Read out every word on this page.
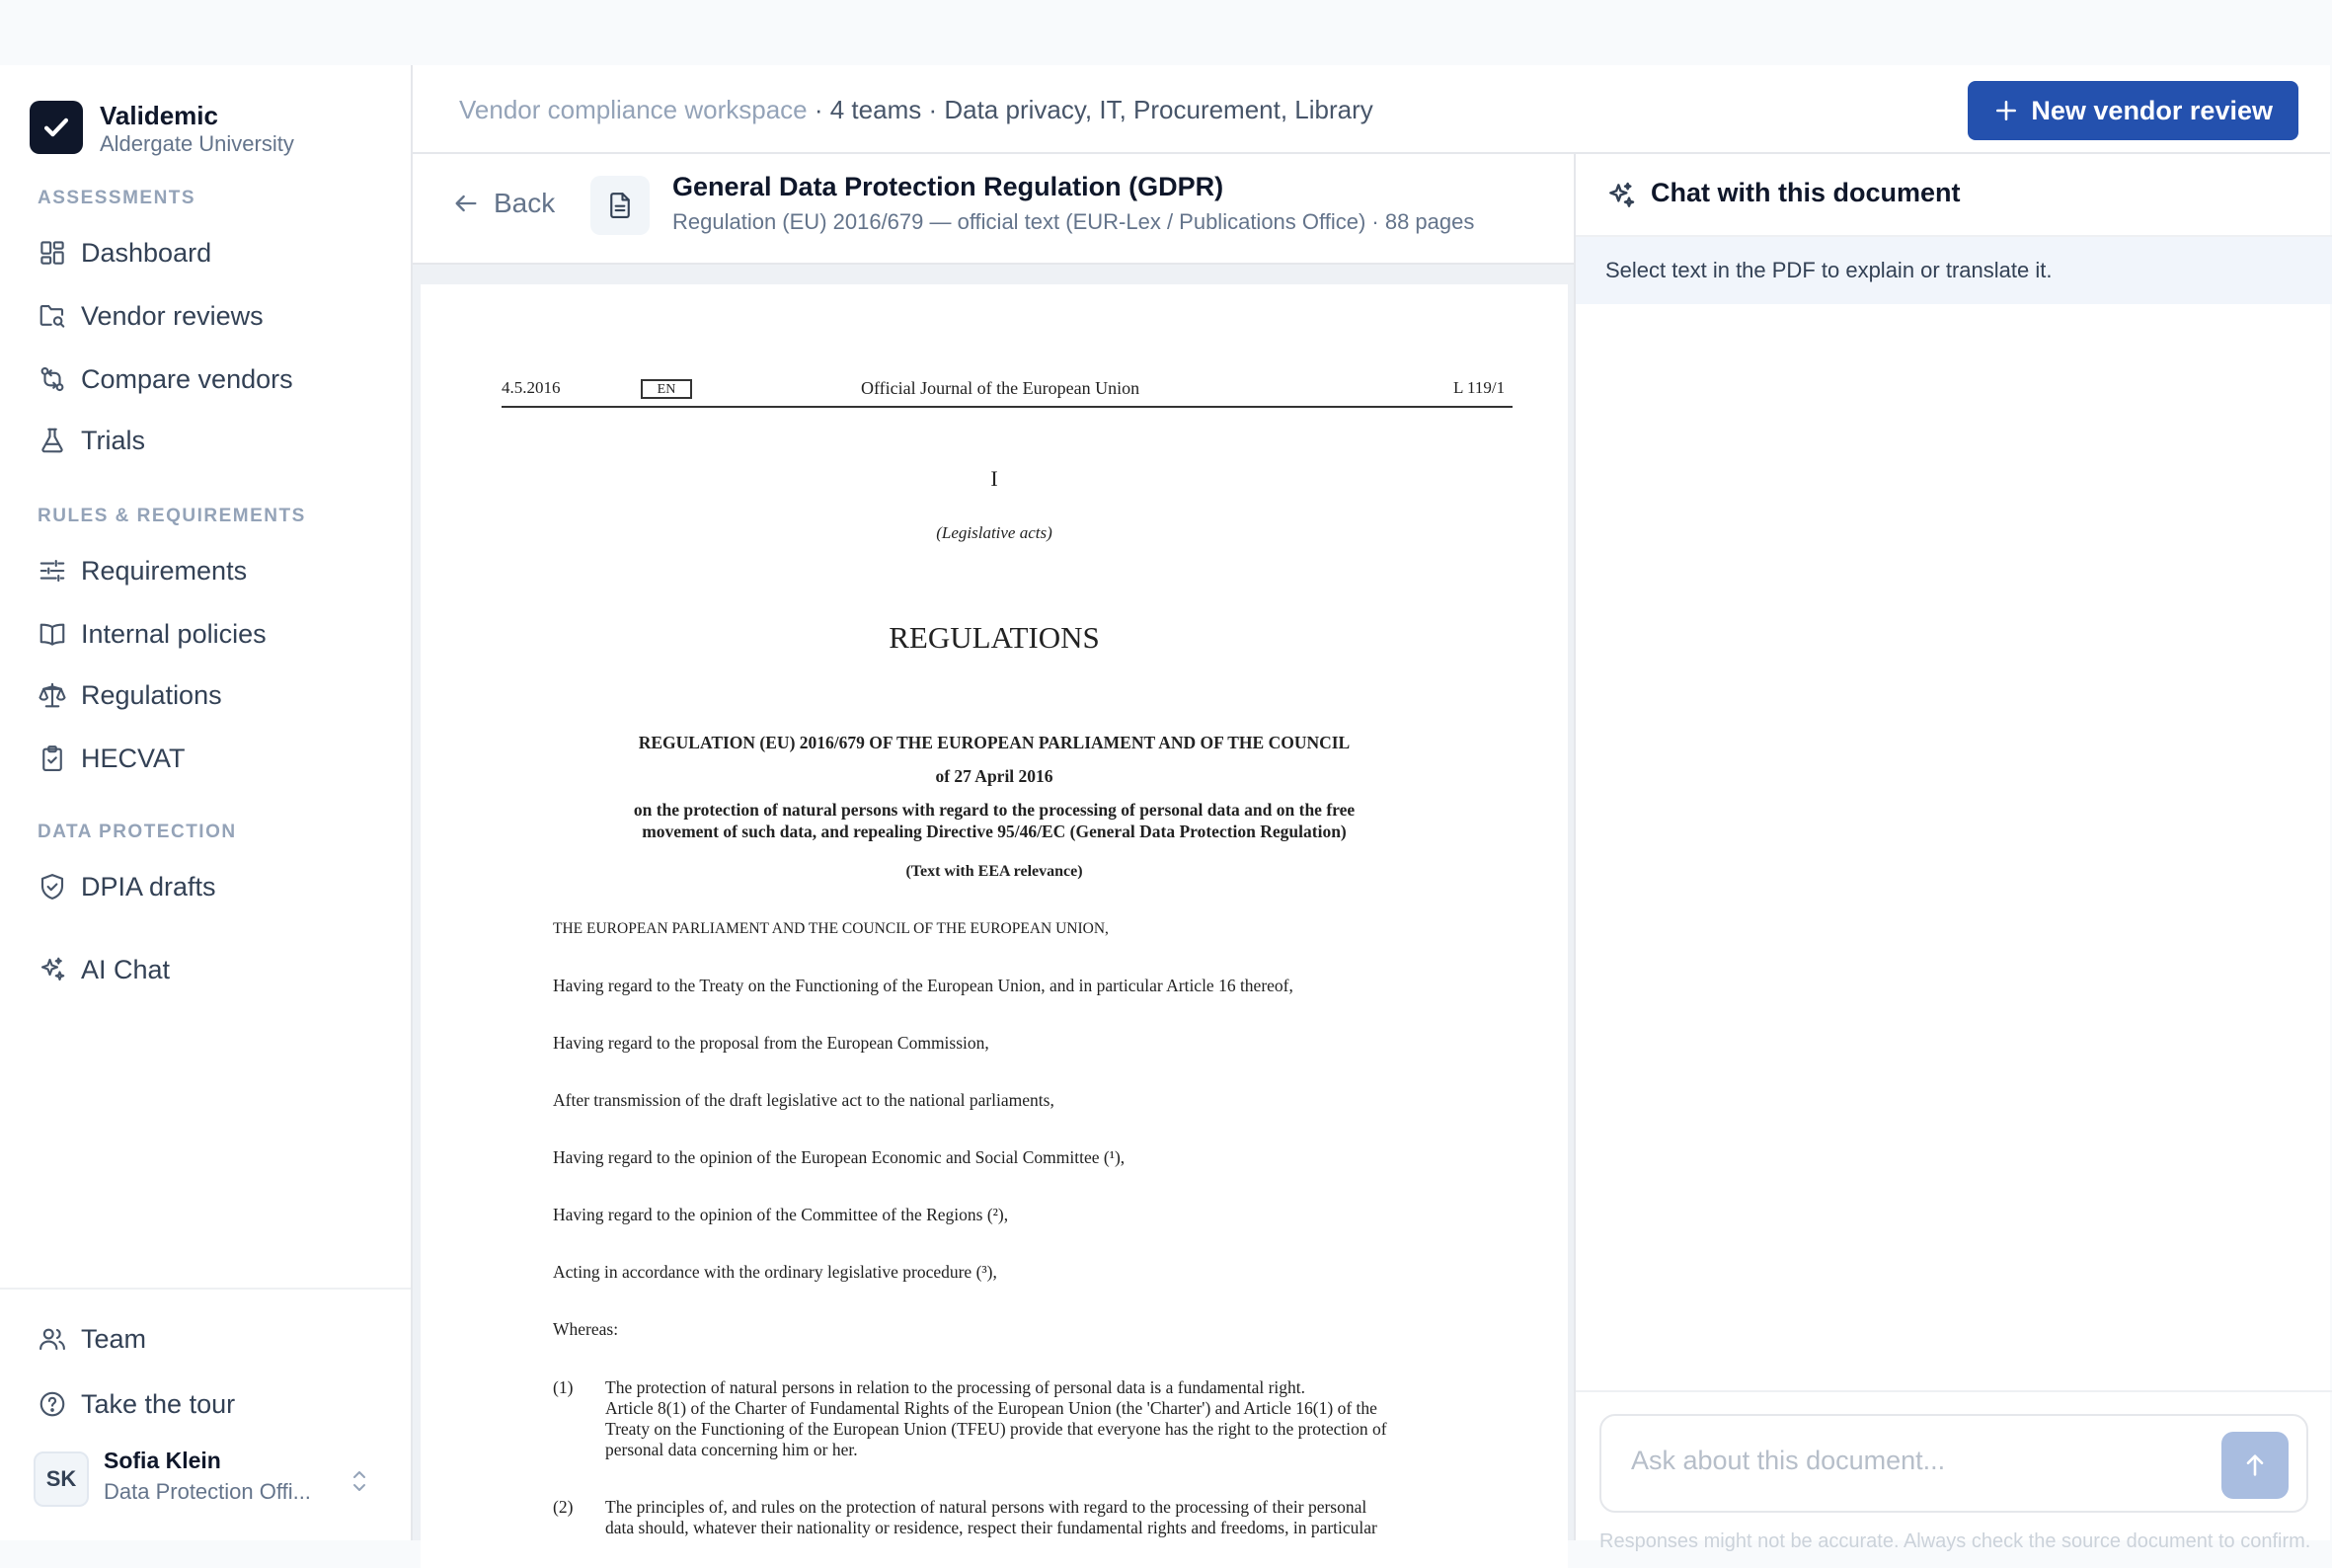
Validemic
Aldergate University
ASSESSMENTS
Dashboard
Vendor reviews
Compare vendors
Trials
RULES & REQUIREMENTS
Requirements
Internal policies
Regulations
HECVAT
DATA PROTECTION
DPIA drafts
AI Chat
Team
Take the tour
SK
Sofia Klein
Data Protection Offi...
Vendor compliance workspace · 4 teams · Data privacy, IT, Procurement, Library	New vendor review
Back
General Data Protection Regulation (GDPR)
Regulation (EU) 2016/679 — official text (EUR-Lex / Publications Office) · 88 pages
4.5.2016	EN	Official Journal of the European Union	L 119/1
I
(Legislative acts)
REGULATIONS
REGULATION (EU) 2016/679 OF THE EUROPEAN PARLIAMENT AND OF THE COUNCIL
of 27 April 2016
on the protection of natural persons with regard to the processing of personal data and on the free
movement of such data, and repealing Directive 95/46/EC (General Data Protection Regulation)
(Text with EEA relevance)
THE EUROPEAN PARLIAMENT AND THE COUNCIL OF THE EUROPEAN UNION,
Having regard to the Treaty on the Functioning of the European Union, and in particular Article 16 thereof,
Having regard to the proposal from the European Commission,
After transmission of the draft legislative act to the national parliaments,
Having regard to the opinion of the European Economic and Social Committee (¹),
Having regard to the opinion of the Committee of the Regions (²),
Acting in accordance with the ordinary legislative procedure (³),
Whereas:
(1) The protection of natural persons in relation to the processing of personal data is a fundamental right.
Article 8(1) of the Charter of Fundamental Rights of the European Union (the 'Charter') and Article 16(1) of the
Treaty on the Functioning of the European Union (TFEU) provide that everyone has the right to the protection of
personal data concerning him or her.
(2) The principles of, and rules on the protection of natural persons with regard to the processing of their personal
data should, whatever their nationality or residence, respect their fundamental rights and freedoms, in particular
Chat with this document
Select text in the PDF to explain or translate it.
Ask about this document...
Responses might not be accurate. Always check the source document to confirm.
